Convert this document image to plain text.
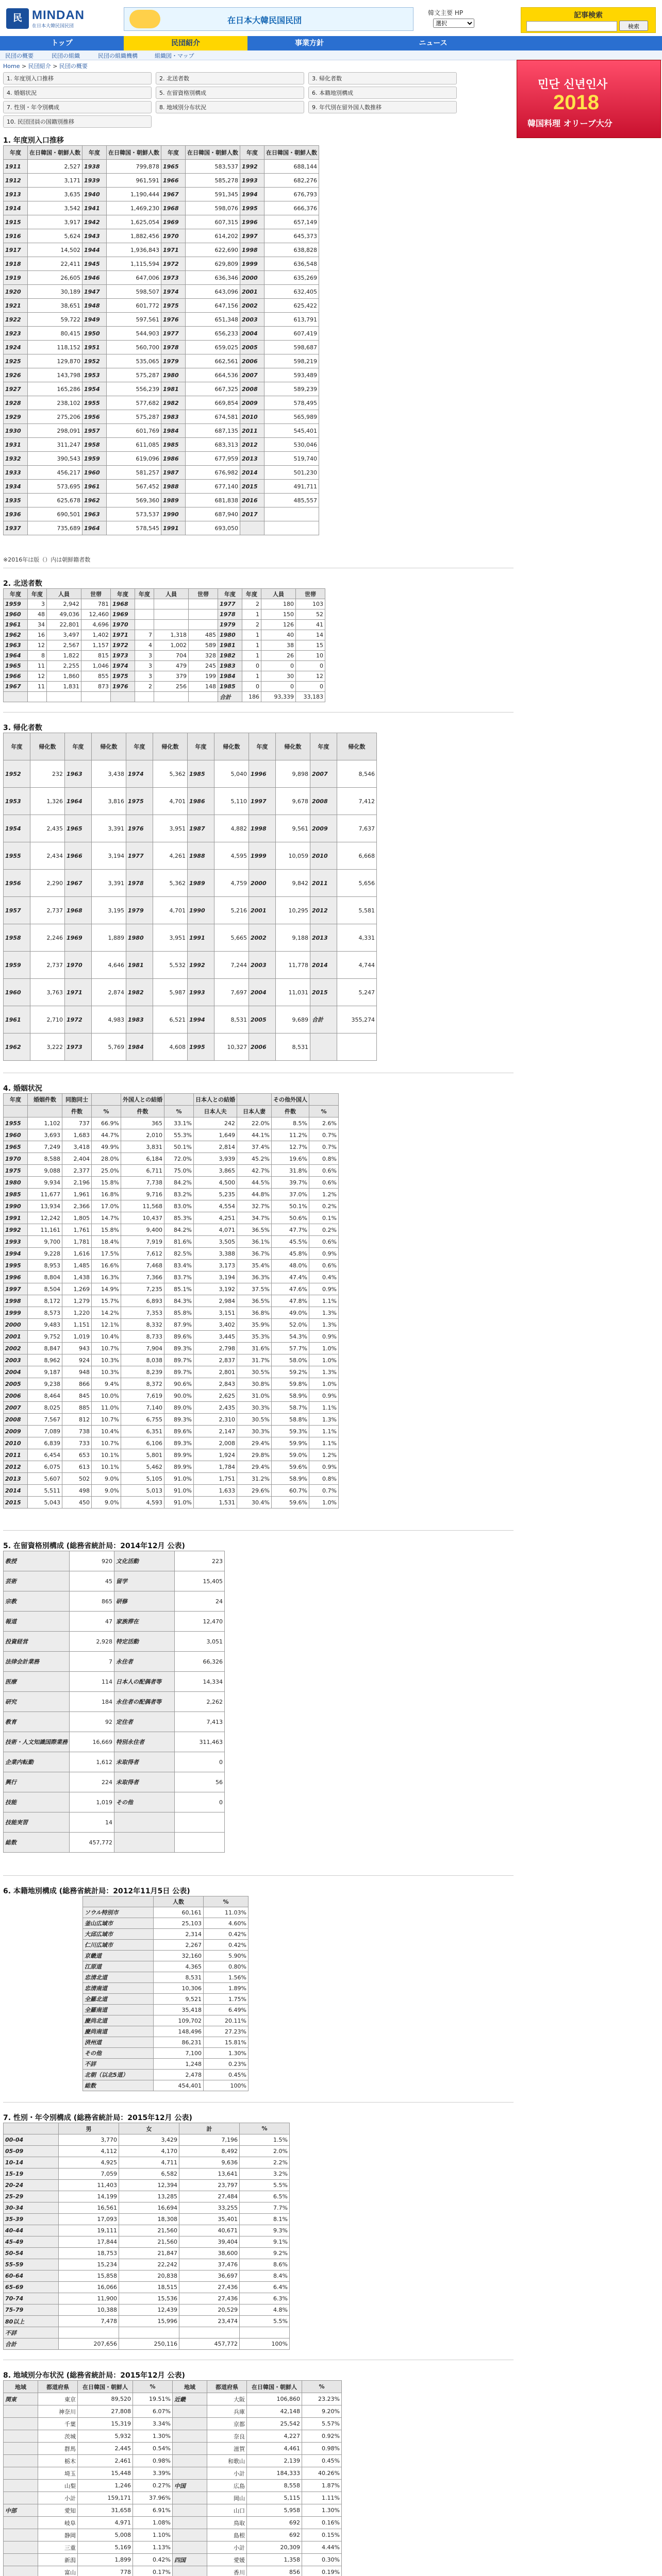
民 MINDAN
在日本大韓民国民団
在日本大韓民国民団
韓文主要 HP
選択	記事検索
検索
トップ	民団紹介	事業方針	ニュース
民団の概要	民団の組織	民団の組織機構	組織図・マップ
Home > 民団紹介 > 民団の概要
민단 신년인사
2018
韓国料理 オリーブ大分
1. 年度別入口推移	2. 北送者数	3. 帰化者数
4. 婚姻状況	5. 在留資格別構成	6. 本籍地別構成
7. 性別・年令別構成	8. 地域別分布状況	9. 年代別在留外国人数推移
10. 民団団員の国籍別推移
1. 年度別入口推移
年度	在日韓国・朝鮮人数	年度	在日韓国・朝鮮人数	年度	在日韓国・朝鮮人数	年度	在日韓国・朝鮮人数
1911	2,527	1938	799,878	1965	583,537	1992	688,144
1912	3,171	1939	961,591	1966	585,278	1993	682,276
1913	3,635	1940	1,190,444	1967	591,345	1994	676,793
1914	3,542	1941	1,469,230	1968	598,076	1995	666,376
1915	3,917	1942	1,625,054	1969	607,315	1996	657,149
1916	5,624	1943	1,882,456	1970	614,202	1997	645,373
1917	14,502	1944	1,936,843	1971	622,690	1998	638,828
1918	22,411	1945	1,115,594	1972	629,809	1999	636,548
1919	26,605	1946	647,006	1973	636,346	2000	635,269
1920	30,189	1947	598,507	1974	643,096	2001	632,405
1921	38,651	1948	601,772	1975	647,156	2002	625,422
1922	59,722	1949	597,561	1976	651,348	2003	613,791
1923	80,415	1950	544,903	1977	656,233	2004	607,419
1924	118,152	1951	560,700	1978	659,025	2005	598,687
1925	129,870	1952	535,065	1979	662,561	2006	598,219
1926	143,798	1953	575,287	1980	664,536	2007	593,489
1927	165,286	1954	556,239	1981	667,325	2008	589,239
1928	238,102	1955	577,682	1982	669,854	2009	578,495
1929	275,206	1956	575,287	1983	674,581	2010	565,989
1930	298,091	1957	601,769	1984	687,135	2011	545,401
1931	311,247	1958	611,085	1985	683,313	2012	530,046
1932	390,543	1959	619,096	1986	677,959	2013	519,740
1933	456,217	1960	581,257	1987	676,982	2014	501,230
1934	573,695	1961	567,452	1988	677,140	2015	491,711
1935	625,678	1962	569,360	1989	681,838	2016	485,557
1936	690,501	1963	573,537	1990	687,940	2017	
1937	735,689	1964	578,545	1991	693,050		
※2016年は版（）内は朝鮮籍者数
2. 北送者数
年度	年度	人員	世帯	年度	年度	人員	世帯	年度	年度	人員	世帯
1959	3	2,942	781	1968				1977	2	180	103
1960	48	49,036	12,460	1969				1978	1	150	52
1961	34	22,801	4,696	1970				1979	2	126	41
1962	16	3,497	1,402	1971	7	1,318	485	1980	1	40	14
1963	12	2,567	1,157	1972	4	1,002	589	1981	1	38	15
1964	8	1,822	815	1973	3	704	328	1982	1	26	10
1965	11	2,255	1,046	1974	3	479	245	1983	0	0	0
1966	12	1,860	855	1975	3	379	199	1984	1	30	12
1967	11	1,831	873	1976	2	256	148	1985	0	0	0
								合計	186	93,339	33,183
3. 帰化者数
年度	帰化数	年度	帰化数	年度	帰化数	年度	帰化数	年度	帰化数	年度	帰化数
1952	232	1963	3,438	1974	5,362	1985	5,040	1996	9,898	2007	8,546
1953	1,326	1964	3,816	1975	4,701	1986	5,110	1997	9,678	2008	7,412
1954	2,435	1965	3,391	1976	3,951	1987	4,882	1998	9,561	2009	7,637
1955	2,434	1966	3,194	1977	4,261	1988	4,595	1999	10,059	2010	6,668
1956	2,290	1967	3,391	1978	5,362	1989	4,759	2000	9,842	2011	5,656
1957	2,737	1968	3,195	1979	4,701	1990	5,216	2001	10,295	2012	5,581
1958	2,246	1969	1,889	1980	3,951	1991	5,665	2002	9,188	2013	4,331
1959	2,737	1970	4,646	1981	5,532	1992	7,244	2003	11,778	2014	4,744
1960	3,763	1971	2,874	1982	5,987	1993	7,697	2004	11,031	2015	5,247
1961	2,710	1972	4,983	1983	6,521	1994	8,531	2005	9,689	合計	355,274
1962	3,222	1973	5,769	1984	4,608	1995	10,327	2006	8,531		
4. 婚姻状況
年度	婚姻件数	同胞同士		外国人との結婚		日本人との結婚		その他外国人	
		件数	%	件数	%	日本人夫	日本人妻	件数	%
1955	1,102	737	66.9%	365	33.1%	242	22.0%	8.5%	2.6%
1960	3,693	1,683	44.7%	2,010	55.3%	1,649	44.1%	11.2%	0.7%
1965	7,249	3,418	49.9%	3,831	50.1%	2,814	37.4%	12.7%	0.7%
1970	8,588	2,404	28.0%	6,184	72.0%	3,939	45.2%	19.6%	0.8%
1975	9,088	2,377	25.0%	6,711	75.0%	3,865	42.7%	31.8%	0.6%
1980	9,934	2,196	15.8%	7,738	84.2%	4,500	44.5%	39.7%	0.6%
1985	11,677	1,961	16.8%	9,716	83.2%	5,235	44.8%	37.0%	1.2%
1990	13,934	2,366	17.0%	11,568	83.0%	4,554	32.7%	50.1%	0.2%
1991	12,242	1,805	14.7%	10,437	85.3%	4,251	34.7%	50.6%	0.1%
1992	11,161	1,761	15.8%	9,400	84.2%	4,071	36.5%	47.7%	0.2%
1993	9,700	1,781	18.4%	7,919	81.6%	3,505	36.1%	45.5%	0.6%
1994	9,228	1,616	17.5%	7,612	82.5%	3,388	36.7%	45.8%	0.9%
1995	8,953	1,485	16.6%	7,468	83.4%	3,173	35.4%	48.0%	0.6%
1996	8,804	1,438	16.3%	7,366	83.7%	3,194	36.3%	47.4%	0.4%
1997	8,504	1,269	14.9%	7,235	85.1%	3,192	37.5%	47.6%	0.9%
1998	8,172	1,279	15.7%	6,893	84.3%	2,984	36.5%	47.8%	1.1%
1999	8,573	1,220	14.2%	7,353	85.8%	3,151	36.8%	49.0%	1.3%
2000	9,483	1,151	12.1%	8,332	87.9%	3,402	35.9%	52.0%	1.3%
2001	9,752	1,019	10.4%	8,733	89.6%	3,445	35.3%	54.3%	0.9%
2002	8,847	943	10.7%	7,904	89.3%	2,798	31.6%	57.7%	1.0%
2003	8,962	924	10.3%	8,038	89.7%	2,837	31.7%	58.0%	1.0%
2004	9,187	948	10.3%	8,239	89.7%	2,801	30.5%	59.2%	1.3%
2005	9,238	866	9.4%	8,372	90.6%	2,843	30.8%	59.8%	1.0%
2006	8,464	845	10.0%	7,619	90.0%	2,625	31.0%	58.9%	0.9%
2007	8,025	885	11.0%	7,140	89.0%	2,435	30.3%	58.7%	1.1%
2008	7,567	812	10.7%	6,755	89.3%	2,310	30.5%	58.8%	1.3%
2009	7,089	738	10.4%	6,351	89.6%	2,147	30.3%	59.3%	1.1%
2010	6,839	733	10.7%	6,106	89.3%	2,008	29.4%	59.9%	1.1%
2011	6,454	653	10.1%	5,801	89.9%	1,924	29.8%	59.0%	1.2%
2012	6,075	613	10.1%	5,462	89.9%	1,784	29.4%	59.6%	0.9%
2013	5,607	502	9.0%	5,105	91.0%	1,751	31.2%	58.9%	0.8%
2014	5,511	498	9.0%	5,013	91.0%	1,633	29.6%	60.7%	0.7%
2015	5,043	450	9.0%	4,593	91.0%	1,531	30.4%	59.6%	1.0%
5. 在留資格別構成 (総務省統計局：2014年12月 公表)
教授	920	文化活動	223
芸術	45	留学	15,405
宗教	865	研修	24
報道	47	家族滞在	12,470
投資経営	2,928	特定活動	3,051
法律会計業務	7	永住者	66,326
医療	114	日本人の配偶者等	14,334
研究	184	永住者の配偶者等	2,262
教育	92	定住者	7,413
技術・人文知識国際業務	16,669	特別永住者	311,463
企業内転勤	1,612	未取得者	0
興行	224	未取得者	56
技能	1,019	その他	0
技能実習	14		
総数	457,772		
6. 本籍地別構成 (総務省統計局：2012年11月5日 公表)
	人数	%
ソウル特別市	60,161	11.03%
釜山広域市	25,103	4.60%
大邱広域市	2,314	0.42%
仁川広域市	2,267	0.42%
京畿道	32,160	5.90%
江原道	4,365	0.80%
忠清北道	8,531	1.56%
忠清南道	10,306	1.89%
全羅北道	9,521	1.75%
全羅南道	35,418	6.49%
慶尚北道	109,702	20.11%
慶尚南道	148,496	27.23%
済州道	86,231	15.81%
その他	7,100	1.30%
不詳	1,248	0.23%
北朝（以北5道）	2,478	0.45%
総数	454,401	100%
7. 性別・年令別構成 (総務省統計局：2015年12月 公表)
	男	女	計	%
00-04	3,770	3,429	7,196	1.5%
05-09	4,112	4,170	8,492	2.0%
10-14	4,925	4,711	9,636	2.2%
15-19	7,059	6,582	13,641	3.2%
20-24	11,403	12,394	23,797	5.5%
25-29	14,199	13,285	27,484	6.5%
30-34	16,561	16,694	33,255	7.7%
35-39	17,093	18,308	35,401	8.1%
40-44	19,111	21,560	40,671	9.3%
45-49	17,844	21,560	39,404	9.1%
50-54	18,753	21,847	38,600	9.2%
55-59	15,234	22,242	37,476	8.6%
60-64	15,858	20,838	36,697	8.4%
65-69	16,066	18,515	27,436	6.4%
70-74	11,900	15,536	27,436	6.3%
75-79	10,388	12,439	20,529	4.8%
80以上	7,478	15,996	23,474	5.5%
不詳				
合計	207,656	250,116	457,772	100%
8. 地域別分布状況 (総務省統計局：2015年12月 公表)
地域	都道府県	在日韓国・朝鮮人	%	地域	都道府県	在日韓国・朝鮮人	%
関東	東京	89,520	19.51%	近畿	大阪	106,860	23.23%
	神奈川	27,808	6.07%		兵庫	42,148	9.20%
	千葉	15,319	3.34%		京都	25,542	5.57%
	茨城	5,932	1.30%		奈良	4,227	0.92%
	群馬	2,445	0.54%		滋賀	4,461	0.98%
	栃木	2,461	0.98%		和歌山	2,139	0.45%
	埼玉	15,448	3.39%		小計	184,333	40.26%
	山梨	1,246	0.27%	中国	広島	8,558	1.87%
	小計	159,171	37.96%		岡山	5,115	1.11%
中部	愛知	31,658	6.91%		山口	5,958	1.30%
	岐阜	4,971	1.08%		鳥取	692	0.16%
	静岡	5,008	1.10%		島根	692	0.15%
	三重	5,169	1.13%		小計	20,309	4.44%
	新潟	1,899	0.42%	四国	愛媛	1,358	0.30%
	富山	778	0.17%		香川	856	0.19%
